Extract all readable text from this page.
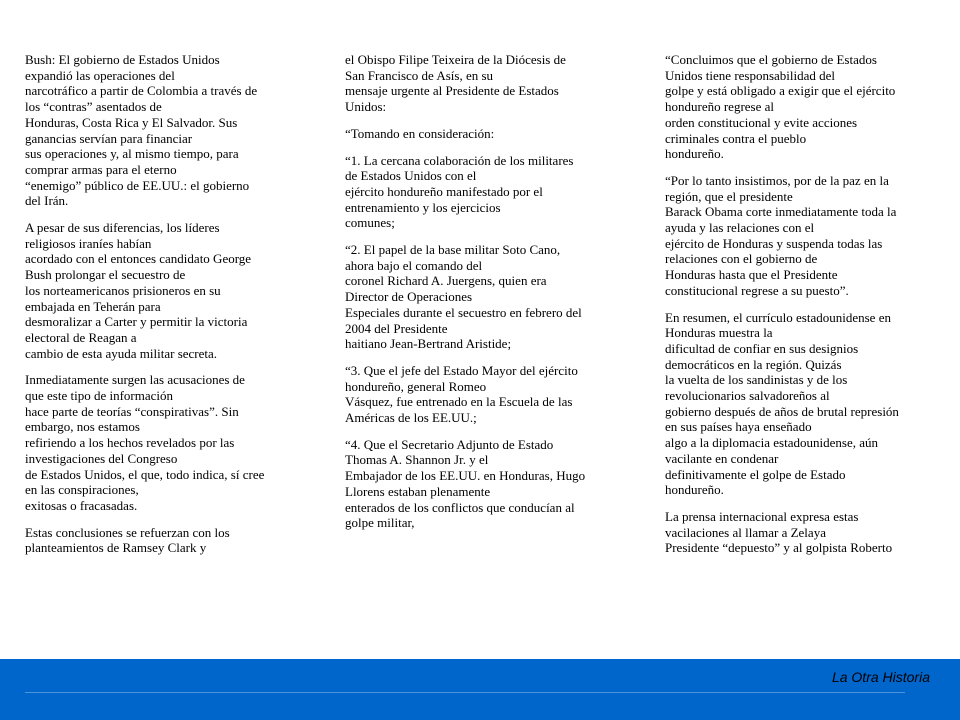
Bush: El gobierno de Estados Unidos
expandió las operaciones del
narcotráfico a partir de Colombia a través de
los “contras” asentados de
Honduras, Costa Rica y El Salvador. Sus
ganancias servían para financiar
sus operaciones y, al mismo tiempo, para
comprar armas para el eterno
“enemigo” público de EE.UU.: el gobierno
del Irán.
A pesar de sus diferencias, los líderes
religiosos iraníes habían
acordado con el entonces candidato George
Bush prolongar el secuestro de
los norteamericanos prisioneros en su
embajada en Teherán para
desmoralizar a Carter y permitir la victoria
electoral de Reagan a
cambio de esta ayuda militar secreta.
Inmediatamente surgen las acusaciones de
que este tipo de información
hace parte de teorías “conspirativas”. Sin
embargo, nos estamos
refiriendo a los hechos revelados por las
investigaciones del Congreso
de Estados Unidos, el que, todo indica, sí cree
en las conspiraciones,
exitosas o fracasadas.
Estas conclusiones se refuerzan con los
planteamientos de Ramsey Clark y
el Obispo Filipe Teixeira de la Diócesis de
San Francisco de Asís, en su
mensaje urgente al Presidente de Estados
Unidos:
“Tomando en consideración:
“1. La cercana colaboración de los militares
de Estados Unidos con el
ejército hondureño manifestado por el
entrenamiento y los ejercicios
comunes;
“2. El papel de la base militar Soto Cano,
ahora bajo el comando del
coronel Richard A. Juergens, quien era
Director de Operaciones
Especiales durante el secuestro en febrero del
2004 del Presidente
haitiano Jean-Bertrand Aristide;
“3. Que el jefe del Estado Mayor del ejército
hondureño, general Romeo
Vásquez, fue entrenado en la Escuela de las
Américas de los EE.UU.;
“4. Que el Secretario Adjunto de Estado
Thomas A. Shannon Jr. y el
Embajador de los EE.UU. en Honduras, Hugo
Llorens estaban plenamente
enterados de los conflictos que conducían al
golpe militar,
“Concluimos que el gobierno de Estados
Unidos tiene responsabilidad del
golpe y está obligado a exigir que el ejército
hondureño regrese al
orden constitucional y evite acciones
criminales contra el pueblo
hondureño.
“Por lo tanto insistimos, por de la paz en la
región, que el presidente
Barack Obama corte inmediatamente toda la
ayuda y las relaciones con el
ejército de Honduras y suspenda todas las
relaciones con el gobierno de
Honduras hasta que el Presidente
constitucional regrese a su puesto”.
En resumen, el currículo estadounidense en
Honduras muestra la
dificultad de confiar en sus designios
democráticos en la región. Quizás
la vuelta de los sandinistas y de los
revolucionarios salvadoreños al
gobierno después de años de brutal represión
en sus países haya enseñado
algo a la diplomacia estadounidense, aún
vacilante en condenar
definitivamente el golpe de Estado
hondureño.
La prensa internacional expresa estas
vacilaciones al llamar a Zelaya
Presidente “depuesto” y al golpista Roberto
La Otra Historia
